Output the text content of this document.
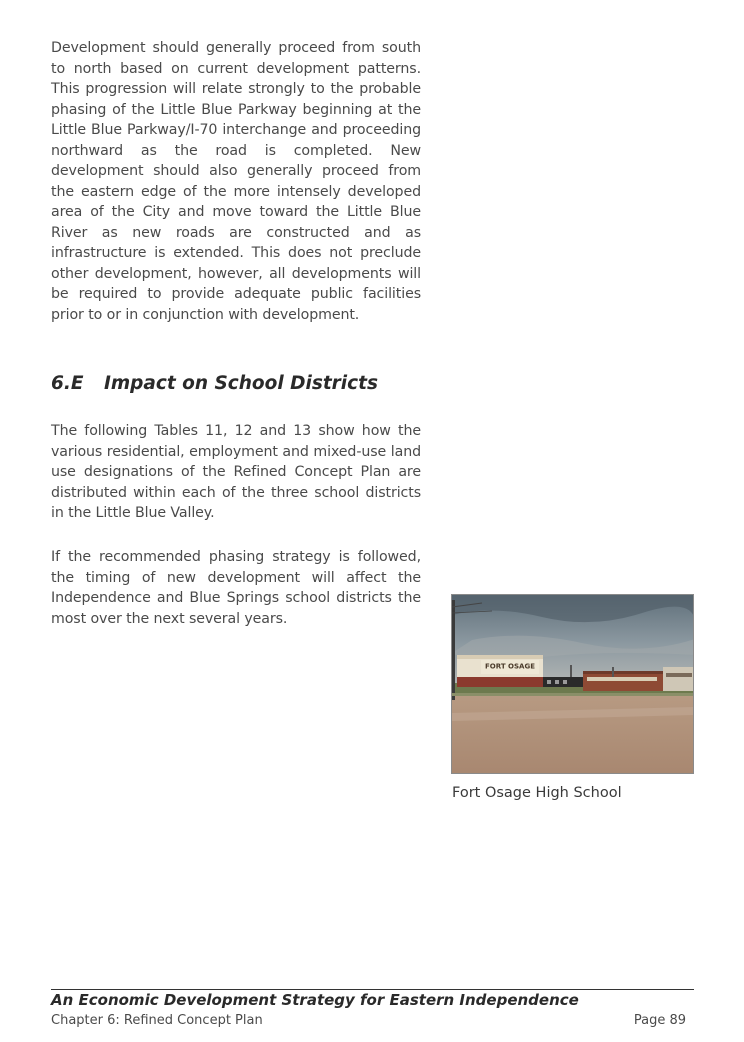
Development should generally proceed from south to north based on current development patterns. This progression will relate strongly to the probable phasing of the Little Blue Parkway beginning at the Little Blue Parkway/I-70 interchange and proceeding northward as the road is completed. New development should also generally proceed from the eastern edge of the more intensely developed area of the City and move toward the Little Blue River as new roads are constructed and as infrastructure is extended. This does not preclude other development, however, all developments will be required to provide adequate public facilities prior to or in conjunction with development.

6.E Impact on School Districts

The following Tables 11, 12 and 13 show how the various residential, employment and mixed-use land use designations of the Refined Concept Plan are distributed within each of the three school districts in the Little Blue Valley.

If the recommended phasing strategy is followed, the timing of new development will affect the Independence and Blue Springs school districts the most over the next several years.

FORT OSAGE

Fort Osage High School

An Economic Development Strategy for Eastern Independence

Chapter 6: Refined Concept Plan	Page 89
